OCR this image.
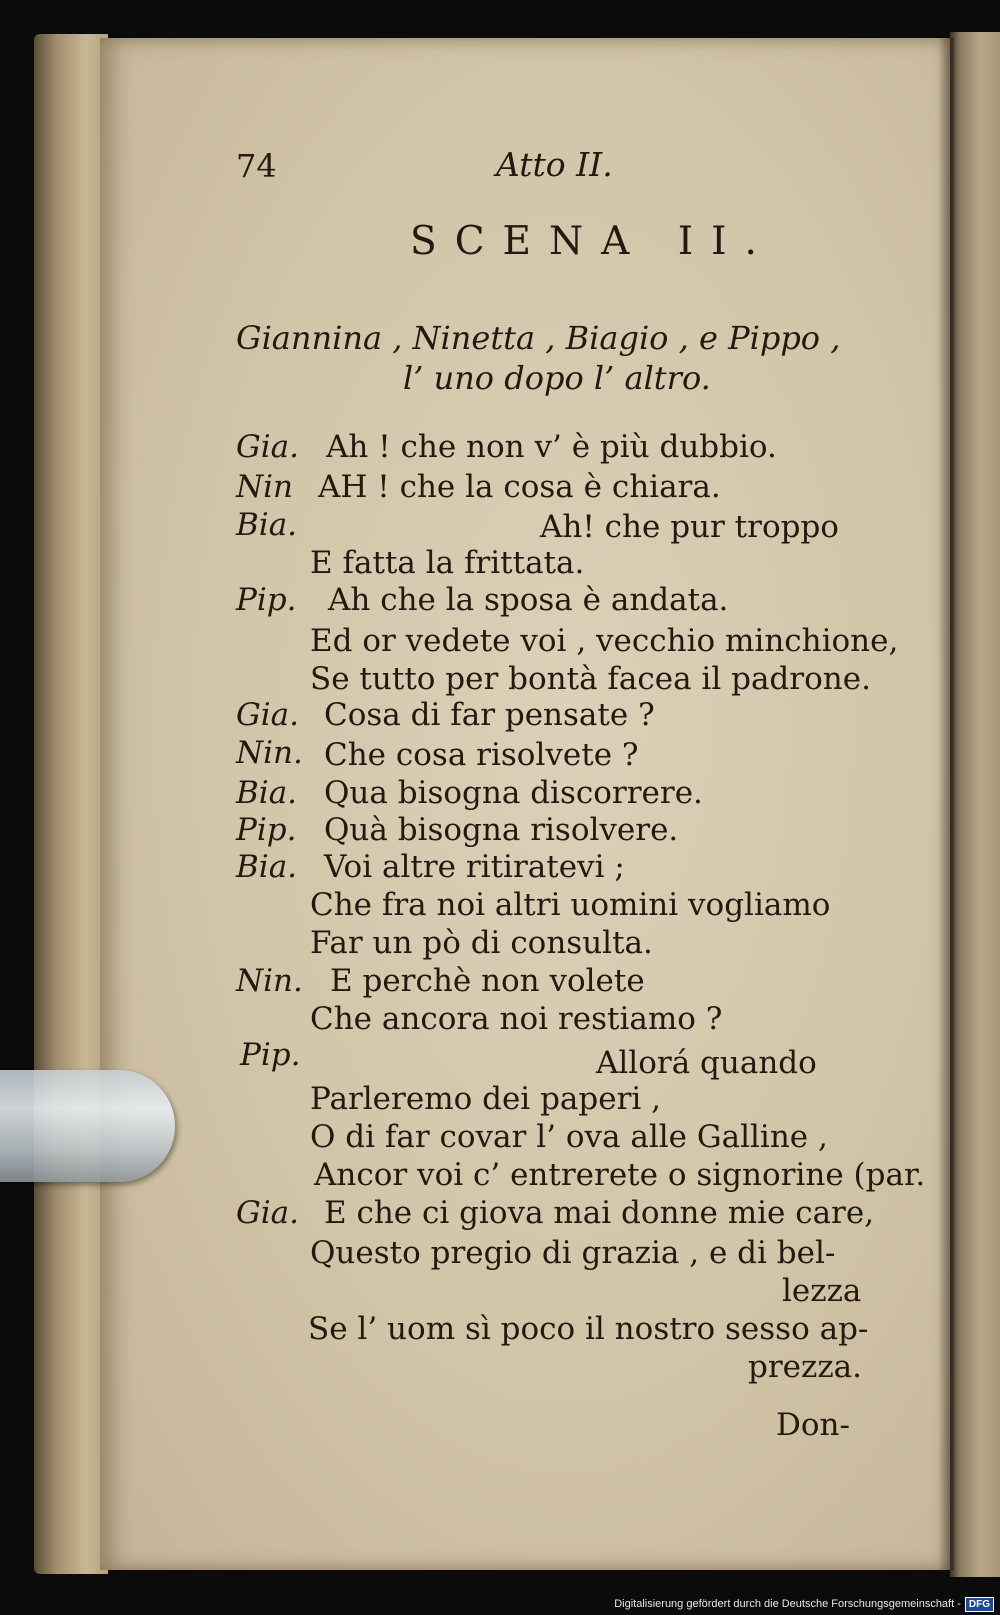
74	Atto II.
SCENA II.
Giannina , Ninetta , Biagio , e Pippo ,
l’ uno dopo l’ altro.
Gia. Ah ! che non v’ è più dubbio.
Nin AH ! che la cosa è chiara.
Bia.	Ah! che pur troppo
E fatta la frittata.
Pip. Ah che la sposa è andata.
Ed or vedete voi , vecchio minchione,
Se tutto per bontà facea il padrone.
Gia. Cosa di far pensate ?
Nin. Che cosa risolvete ?
Bia. Qua bisogna discorrere.
Pip. Quà bisogna risolvere.
Bia. Voi altre ritiratevi ;
Che fra noi altri uomini vogliamo
Far un pò di consulta.
Nin. E perchè non volete
Che ancora noi restiamo ?
Pip.	Allorá quando
Parleremo dei paperi ,
O di far covar l’ ova alle Galline ,
Ancor voi c’ entrerete o signorine (par.
Gia. E che ci giova mai donne mie care,
Questo pregio di grazia , e di bel-
lezza
Se l’ uom sì poco il nostro sesso ap-
prezza.
Don-
Digitalisierung gefördert durch die Deutsche Forschungsgemeinschaft - DFG
